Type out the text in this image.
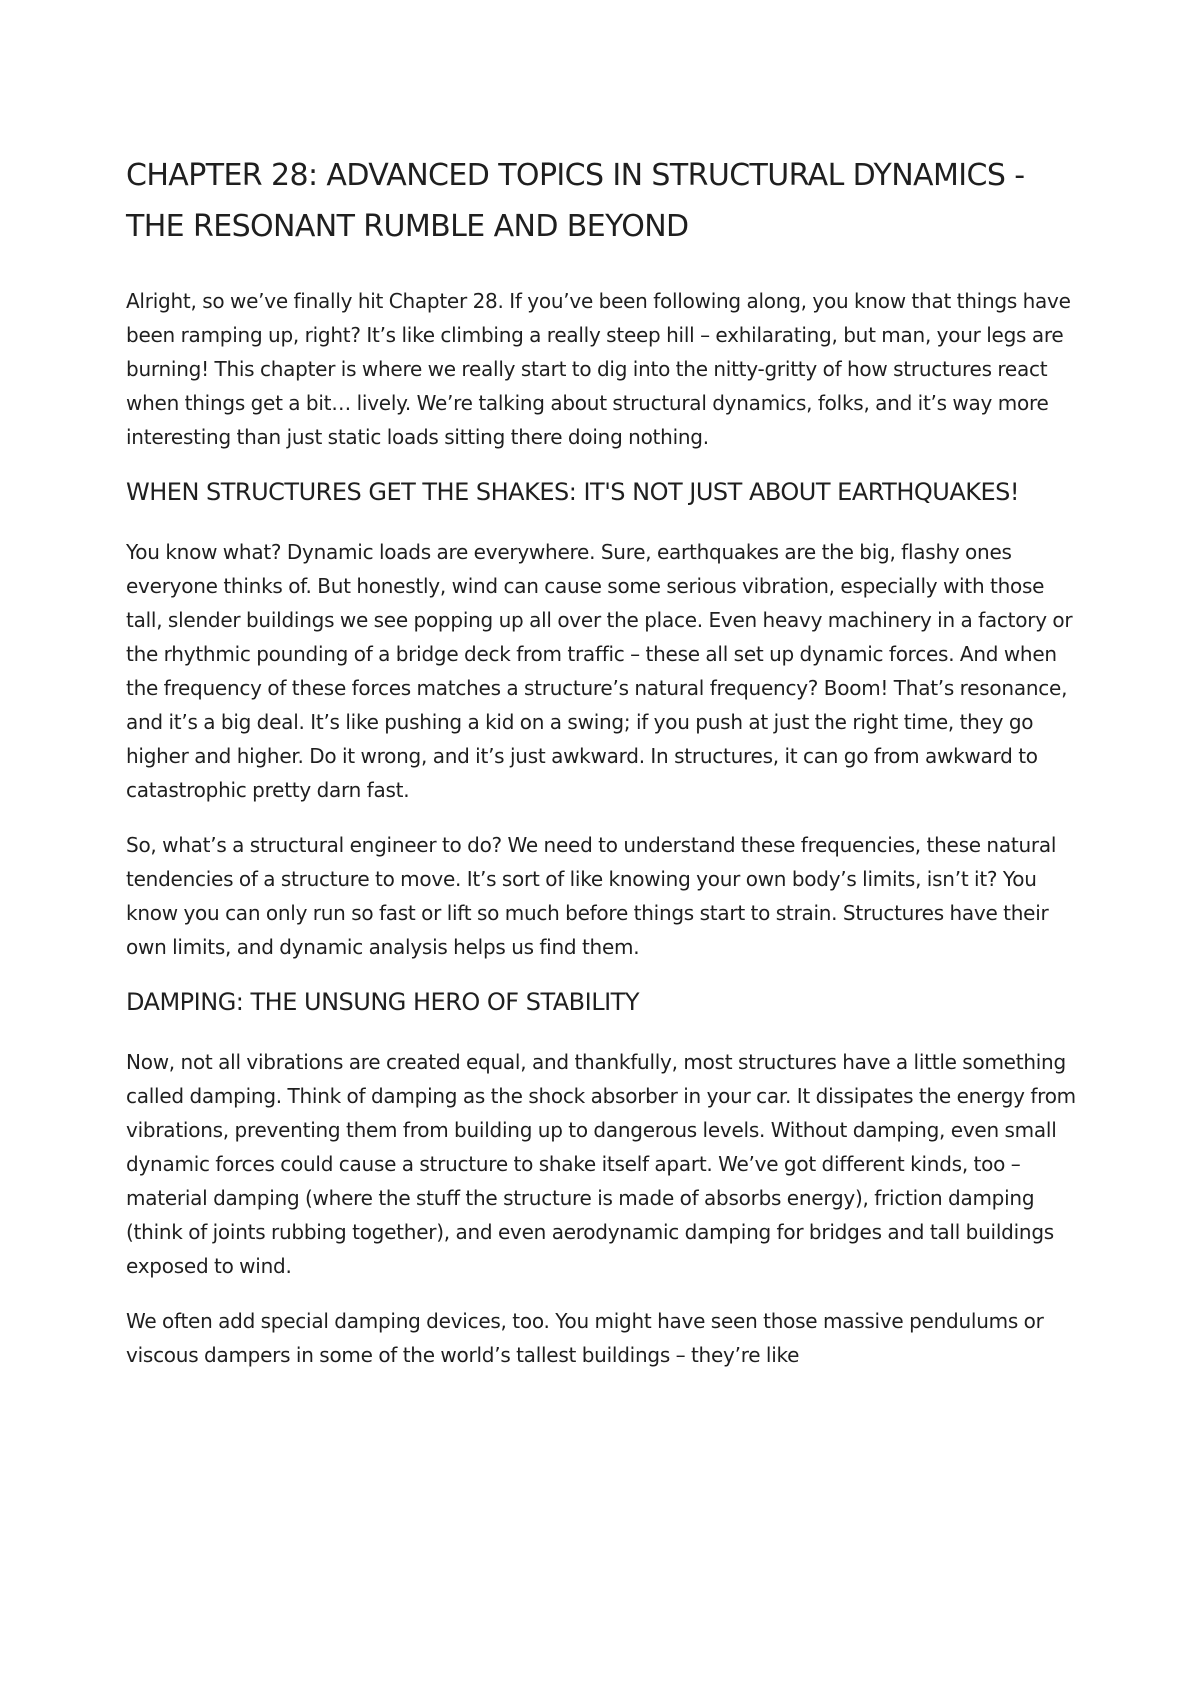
CHAPTER 28: ADVANCED TOPICS IN STRUCTURAL DYNAMICS - THE RESONANT RUMBLE AND BEYOND

Alright, so we’ve finally hit Chapter 28. If you’ve been following along, you know that things have been ramping up, right? It’s like climbing a really steep hill – exhilarating, but man, your legs are burning! This chapter is where we really start to dig into the nitty-gritty of how structures react when things get a bit… lively. We’re talking about structural dynamics, folks, and it’s way more interesting than just static loads sitting there doing nothing.

WHEN STRUCTURES GET THE SHAKES: IT'S NOT JUST ABOUT EARTHQUAKES!

You know what? Dynamic loads are everywhere. Sure, earthquakes are the big, flashy ones everyone thinks of. But honestly, wind can cause some serious vibration, especially with those tall, slender buildings we see popping up all over the place. Even heavy machinery in a factory or the rhythmic pounding of a bridge deck from traffic – these all set up dynamic forces. And when the frequency of these forces matches a structure’s natural frequency? Boom! That’s resonance, and it’s a big deal. It’s like pushing a kid on a swing; if you push at just the right time, they go higher and higher. Do it wrong, and it’s just awkward. In structures, it can go from awkward to catastrophic pretty darn fast.

So, what’s a structural engineer to do? We need to understand these frequencies, these natural tendencies of a structure to move. It’s sort of like knowing your own body’s limits, isn’t it? You know you can only run so fast or lift so much before things start to strain. Structures have their own limits, and dynamic analysis helps us find them.

DAMPING: THE UNSUNG HERO OF STABILITY

Now, not all vibrations are created equal, and thankfully, most structures have a little something called damping. Think of damping as the shock absorber in your car. It dissipates the energy from vibrations, preventing them from building up to dangerous levels. Without damping, even small dynamic forces could cause a structure to shake itself apart. We’ve got different kinds, too – material damping (where the stuff the structure is made of absorbs energy), friction damping (think of joints rubbing together), and even aerodynamic damping for bridges and tall buildings exposed to wind.

We often add special damping devices, too. You might have seen those massive pendulums or viscous dampers in some of the world’s tallest buildings – they’re like
